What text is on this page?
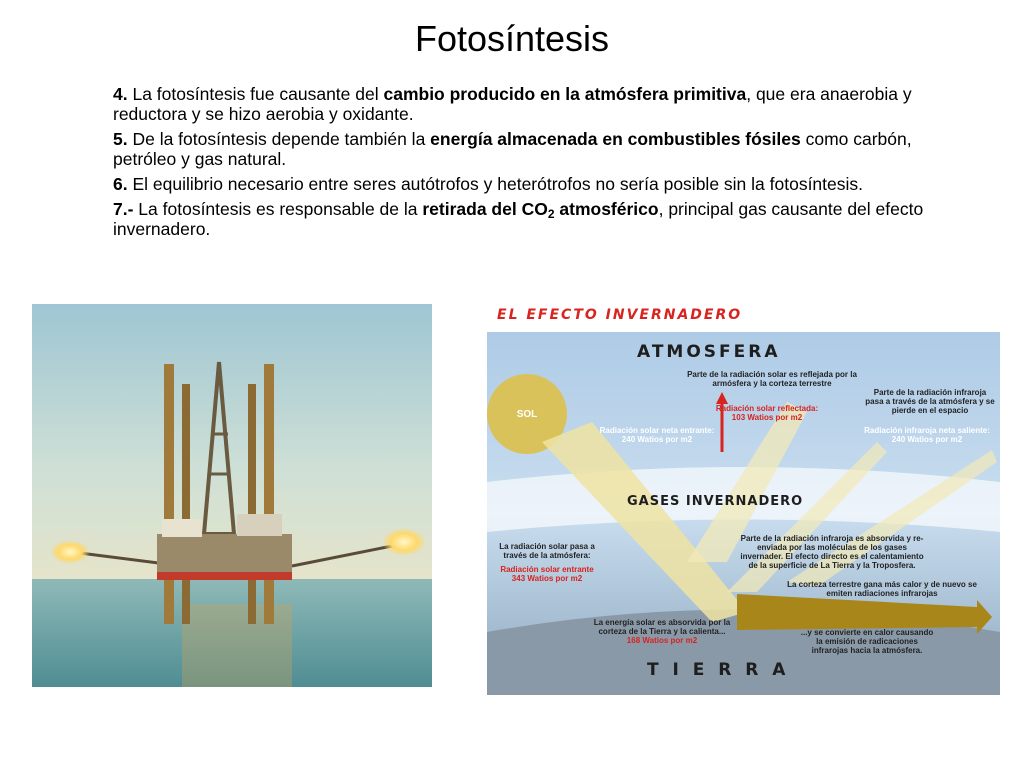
Fotosíntesis

4. La fotosíntesis fue causante del cambio producido en la atmósfera primitiva, que era anaerobia y reductora y se hizo aerobia y oxidante.

5. De la fotosíntesis depende también la energía almacenada en combustibles fósiles como carbón, petróleo y gas natural.

6. El equilibrio necesario entre seres autótrofos y heterótrofos no sería posible sin la fotosíntesis.

7.- La fotosíntesis es responsable de la retirada del $CO_2$ atmosférico, principal gas causante del efecto invernadero.

EL EFECTO INVERNADERO
ATMOSFERA
SOL
GASES INVERNADERO
T I E R R A
Parte de la radiación solar es reflejada por la armósfera y la corteza terrestre
Radiación solar reflectada: 103 Watios por m2
Parte de la radiación infraroja pasa a través de la atmósfera y se pierde en el espacio
Radiación solar neta entrante: 240 Watios por m2
Radiación infraroja neta saliente: 240 Watios por m2
La radiación solar pasa a través de la atmósfera:
Radiación solar entrante 343 Watios por m2
Parte de la radiación infraroja es absorvida y re-enviada por las moléculas de los gases invernader. El efecto directo es el calentamiento de la superficie de La Tierra y la Troposfera.
La corteza terrestre gana más calor y de nuevo se emiten radiaciones infrarojas
La energía solar es absorvida por la corteza de la Tierra y la calienta...
168 Watios por m2
...y se convierte en calor causando la emisión de radicaciones infrarojas hacia la atmósfera.
